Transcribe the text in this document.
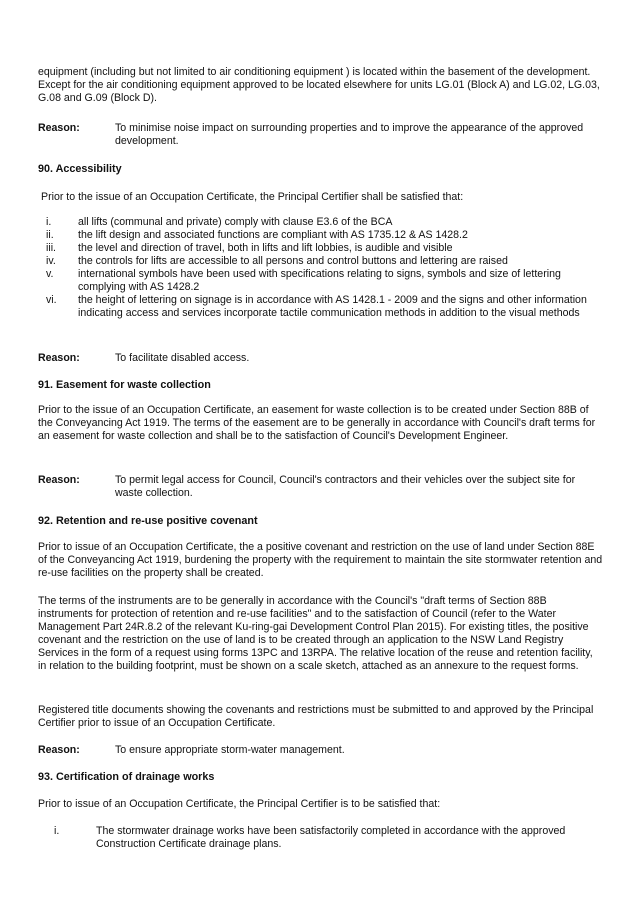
equipment (including but not limited to air conditioning equipment ) is located within the basement of the development. Except for the air conditioning equipment approved to be located elsewhere for units LG.01 (Block A) and LG.02, LG.03, G.08 and G.09 (Block D).

Reason:	To minimise noise impact on surrounding properties and to improve the appearance of the approved development.
90. Accessibility

Prior to the issue of an Occupation Certificate, the Principal Certifier shall be satisfied that:

i.	all lifts (communal and private) comply with clause E3.6 of the BCA
ii.	the lift design and associated functions are compliant with AS 1735.12 & AS 1428.2
iii.	the level and direction of travel, both in lifts and lift lobbies, is audible and visible
iv.	the controls for lifts are accessible to all persons and control buttons and lettering are raised
v.	international symbols have been used with specifications relating to signs, symbols and size of lettering complying with AS 1428.2
vi.	the height of lettering on signage is in accordance with AS 1428.1 - 2009 and the signs and other information indicating access and services incorporate tactile communication methods in addition to the visual methods
Reason:	To facilitate disabled access.
91. Easement for waste collection

Prior to the issue of an Occupation Certificate, an easement for waste collection is to be created under Section 88B of the Conveyancing Act 1919. The terms of the easement are to be generally in accordance with Council's draft terms for an easement for waste collection and shall be to the satisfaction of Council's Development Engineer.

Reason:	To permit legal access for Council, Council's contractors and their vehicles over the subject site for waste collection.
92. Retention and re-use positive covenant

Prior to issue of an Occupation Certificate, the a positive covenant and restriction on the use of land under Section 88E of the Conveyancing Act 1919, burdening the property with the requirement to maintain the site stormwater retention and re-use facilities on the property shall be created.

The terms of the instruments are to be generally in accordance with the Council's "draft terms of Section 88B instruments for protection of retention and re-use facilities" and to the satisfaction of Council (refer to the Water Management Part 24R.8.2 of the relevant Ku-ring-gai Development Control Plan 2015). For existing titles, the positive covenant and the restriction on the use of land is to be created through an application to the NSW Land Registry Services in the form of a request using forms 13PC and 13RPA. The relative location of the reuse and retention facility, in relation to the building footprint, must be shown on a scale sketch, attached as an annexure to the request forms.

Registered title documents showing the covenants and restrictions must be submitted to and approved by the Principal Certifier prior to issue of an Occupation Certificate.

Reason:	To ensure appropriate storm-water management.
93. Certification of drainage works

Prior to issue of an Occupation Certificate, the Principal Certifier is to be satisfied that:

i.	The stormwater drainage works have been satisfactorily completed in accordance with the approved Construction Certificate drainage plans.
